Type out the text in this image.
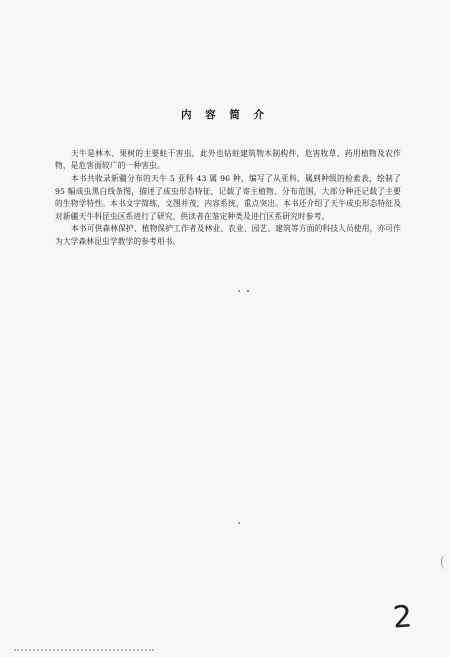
内 容 简 介

天牛是林木、果树的主要蛀干害虫，此外也钻蛀建筑物木制构件，危害牧草、药用植物及农作物，是危害面较广的一种害虫。

本书共收录新疆分布的天牛 5 亚科 43 属 96 种，编写了从亚科、属到种级的检索表，绘制了 95 幅成虫黑白线条图，描述了成虫形态特征，记载了寄主植物、分布范围，大部分种还记载了主要的生物学特性。本书文字简练，文图并茂，内容系统，重点突出。本书还介绍了天牛成虫形态特征及对新疆天牛科昆虫区系进行了研究，供读者在鉴定种类及进行区系研究时参考。

本书可供森林保护、植物保护工作者及林业、农业、园艺、建筑等方面的科技人员使用，亦可作为大学森林昆虫学教学的参考用书。

2
